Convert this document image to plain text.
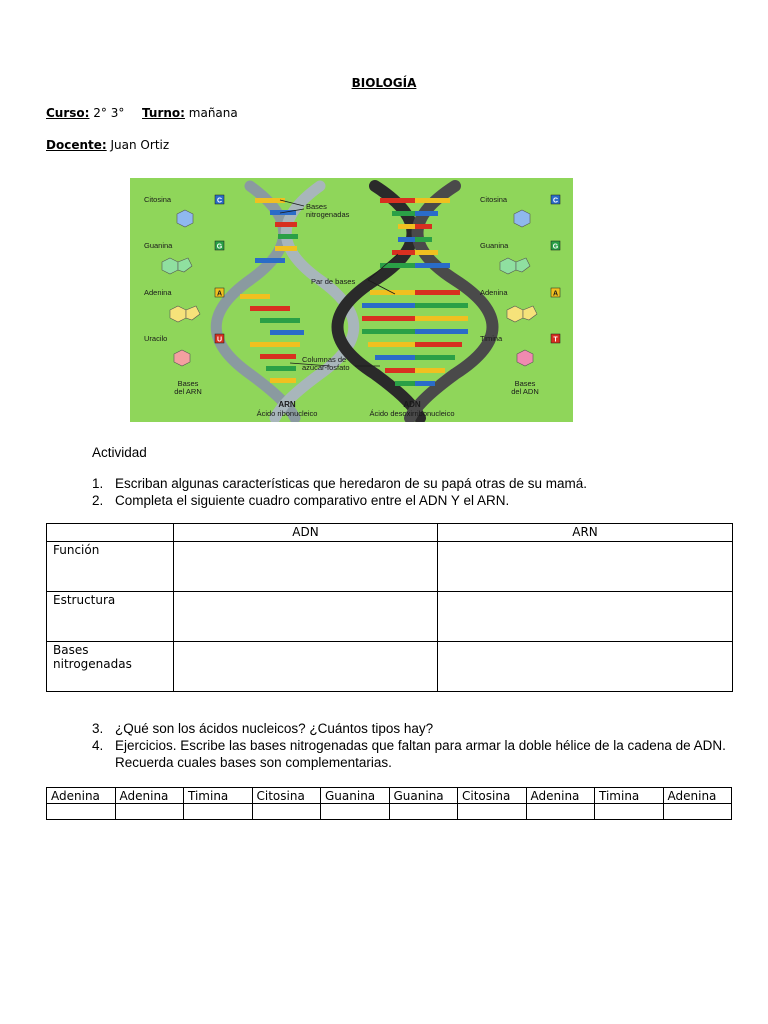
BIOLOGÍA
Curso: 2° 3° Turno: mañana
Docente: Juan Ortiz
Bases
nitrogenadas
Par de bases
Columnas de
azúcar-fosfato
Citosina
Guanina
Adenina
Uracilo
C
G
A
U
Bases
del ARN
Citosina
Guanina
Adenina
Timina
C
G
A
T
Bases
del ADN
ARN
Ácido ribonucleico
ADN
Ácido desoxirribonucleico
Actividad
1. Escriban algunas características que heredaron de su papá otras de su mamá.
2. Completa el siguiente cuadro comparativo entre el ADN Y el ARN.
	ADN	ARN
Función		
Estructura		
Bases nitrogenadas		
3. ¿Qué son los ácidos nucleicos? ¿Cuántos tipos hay?
4. Ejercicios. Escribe las bases nitrogenadas que faltan para armar la doble hélice de la cadena de ADN. Recuerda cuales bases son complementarias.
Adenina	Adenina	Timina	Citosina	Guanina	Guanina	Citosina	Adenina	Timina	Adenina
